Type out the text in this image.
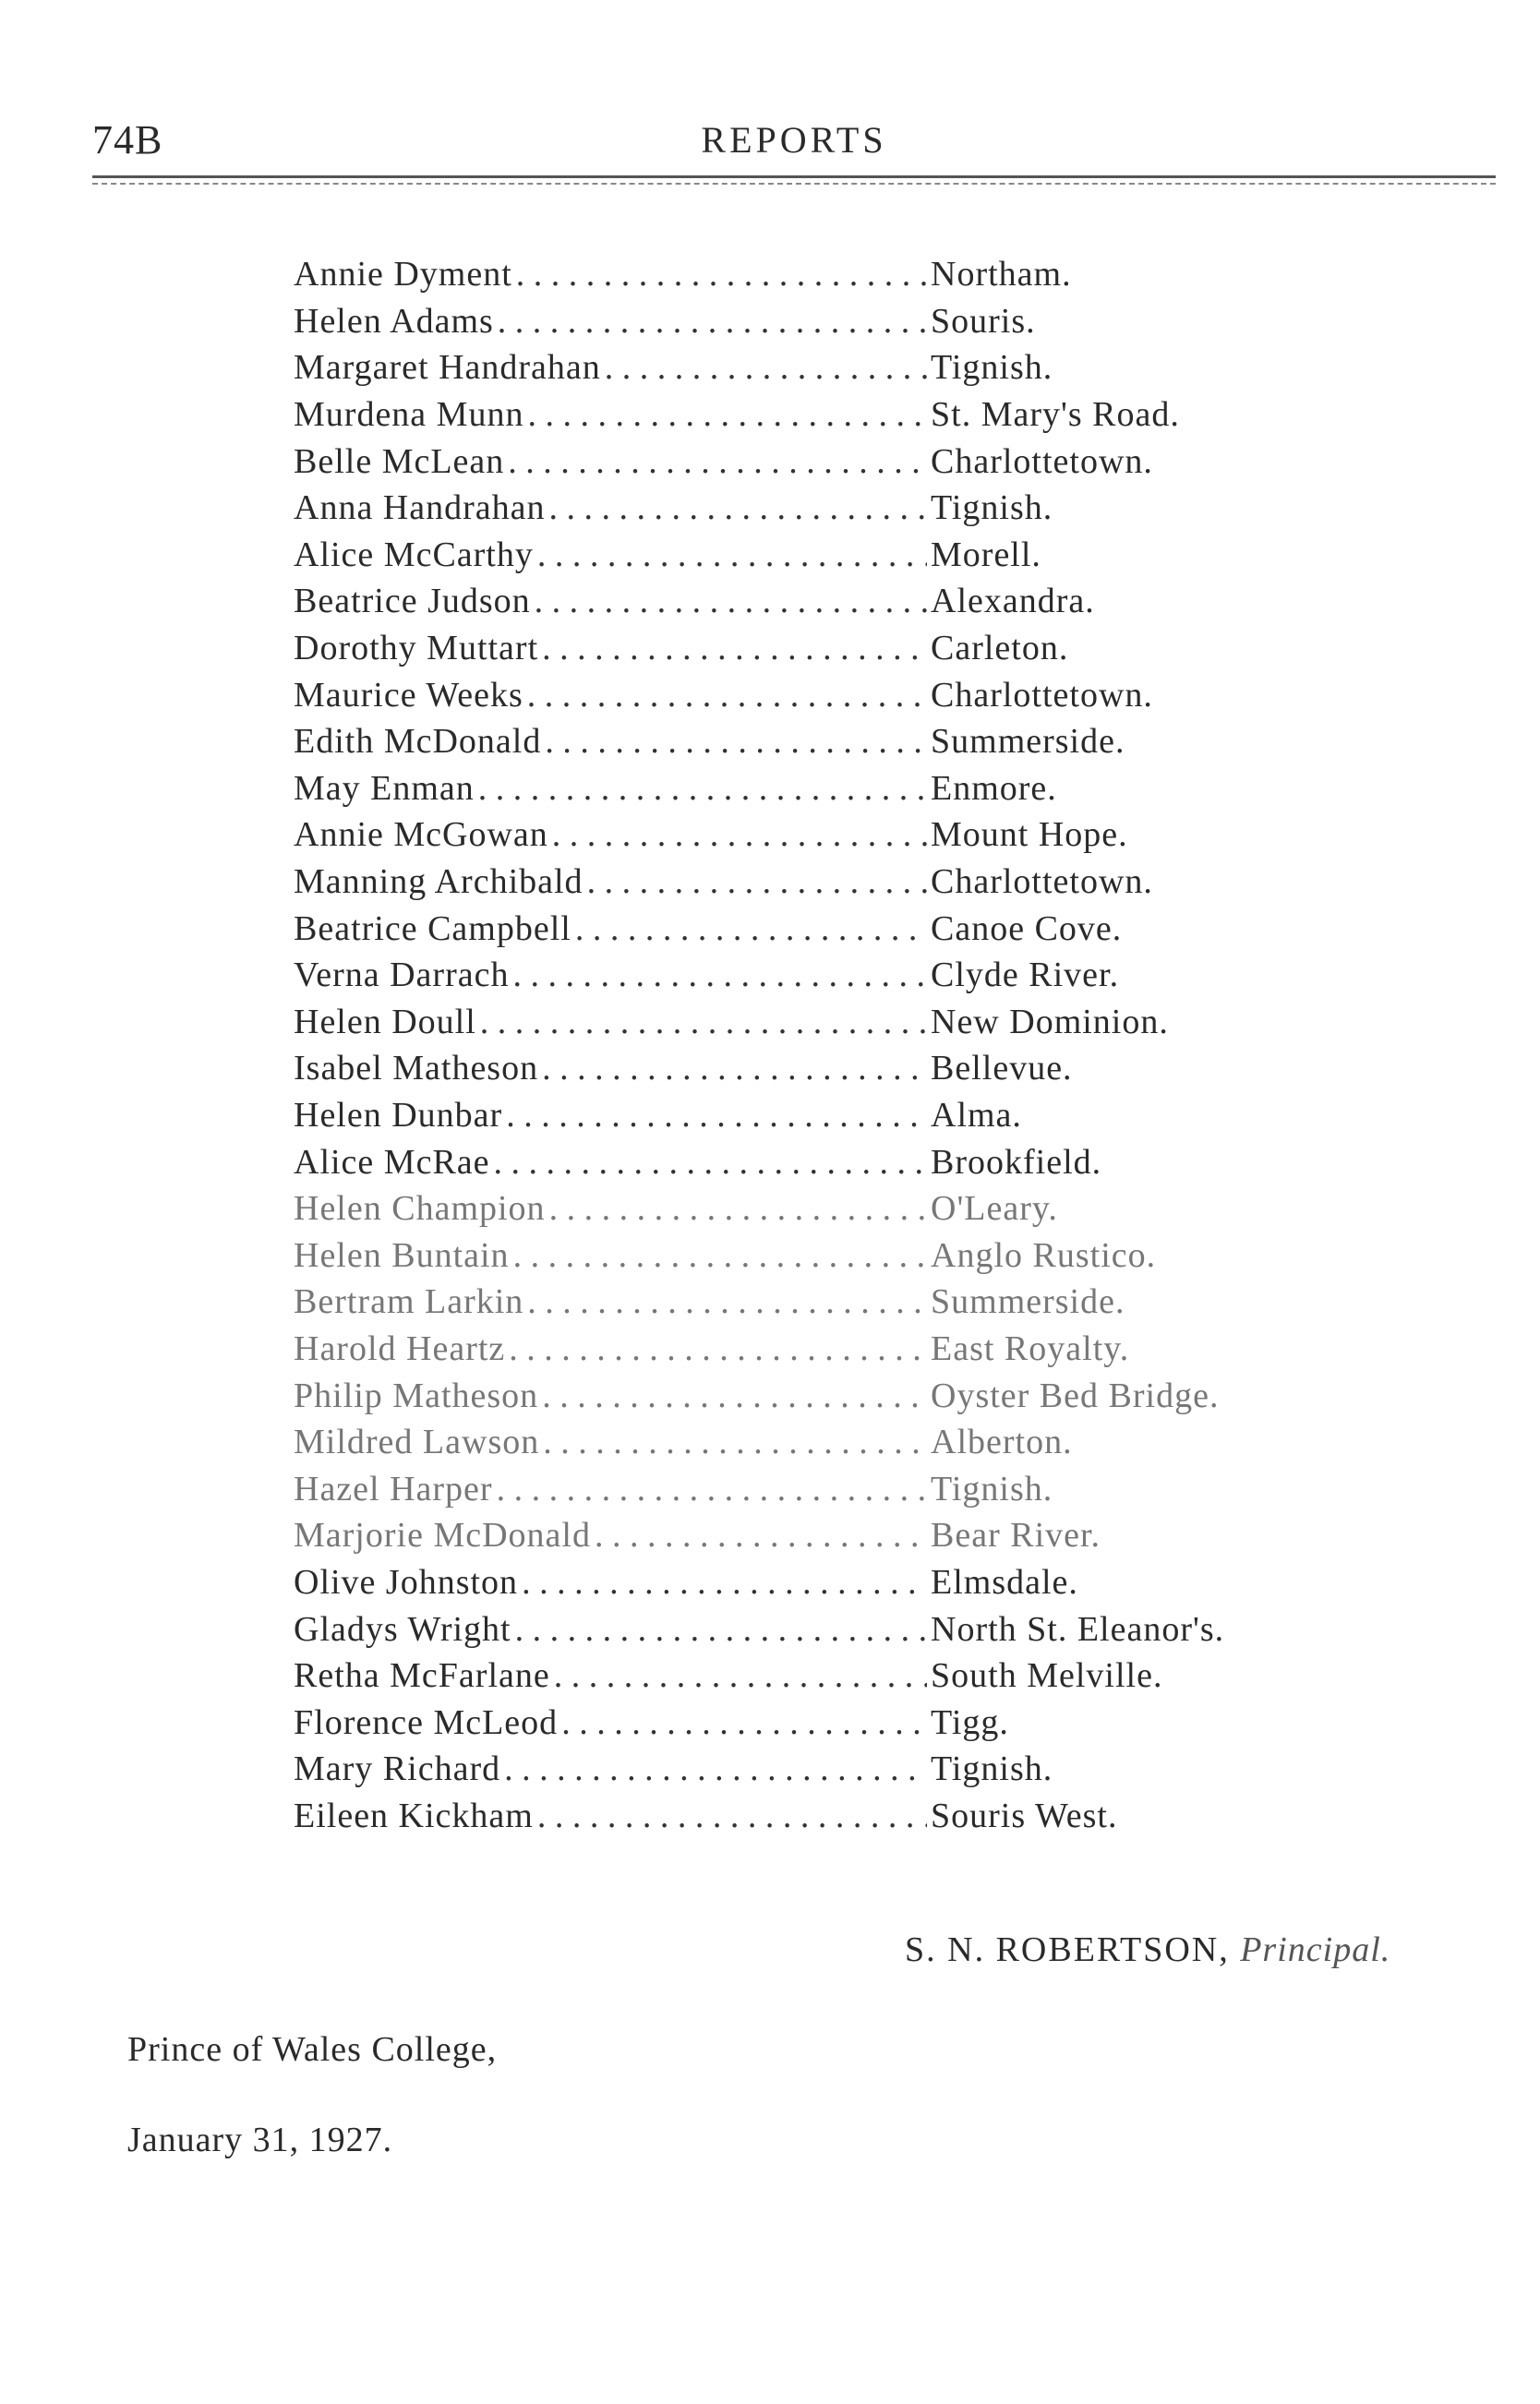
74B	REPORTS
Annie Dyment . . .	Northam.
Helen Adams . . .	Souris.
Margaret Handrahan . . .	Tignish.
Murdena Munn . . .	St. Mary's Road.
Belle McLean . . .	Charlottetown.
Anna Handrahan . . .	Tignish.
Alice McCarthy . . .	Morell.
Beatrice Judson . . .	Alexandra.
Dorothy Muttart . . .	Carleton.
Maurice Weeks . . .	Charlottetown.
Edith McDonald . . .	Summerside.
May Enman . . .	Enmore.
Annie McGowan . . .	Mount Hope.
Manning Archibald . . .	Charlottetown.
Beatrice Campbell . . .	Canoe Cove.
Verna Darrach . . .	Clyde River.
Helen Doull . . .	New Dominion.
Isabel Matheson . . .	Bellevue.
Helen Dunbar . . .	Alma.
Alice McRae . . .	Brookfield.
Helen Champion . . .	O'Leary.
Helen Buntain . . .	Anglo Rustico.
Bertram Larkin . . .	Summerside.
Harold Heartz . . .	East Royalty.
Philip Matheson . . .	Oyster Bed Bridge.
Mildred Lawson . . .	Alberton.
Hazel Harper . . .	Tignish.
Marjorie McDonald . . .	Bear River.
Olive Johnston . . .	Elmsdale.
Gladys Wright . . .	North St. Eleanor's.
Retha McFarlane . . .	South Melville.
Florence McLeod . . .	Tigg.
Mary Richard . . .	Tignish.
Eileen Kickham . . .	Souris West.
S. N. ROBERTSON, Principal.
Prince of Wales College,
January 31, 1927.
